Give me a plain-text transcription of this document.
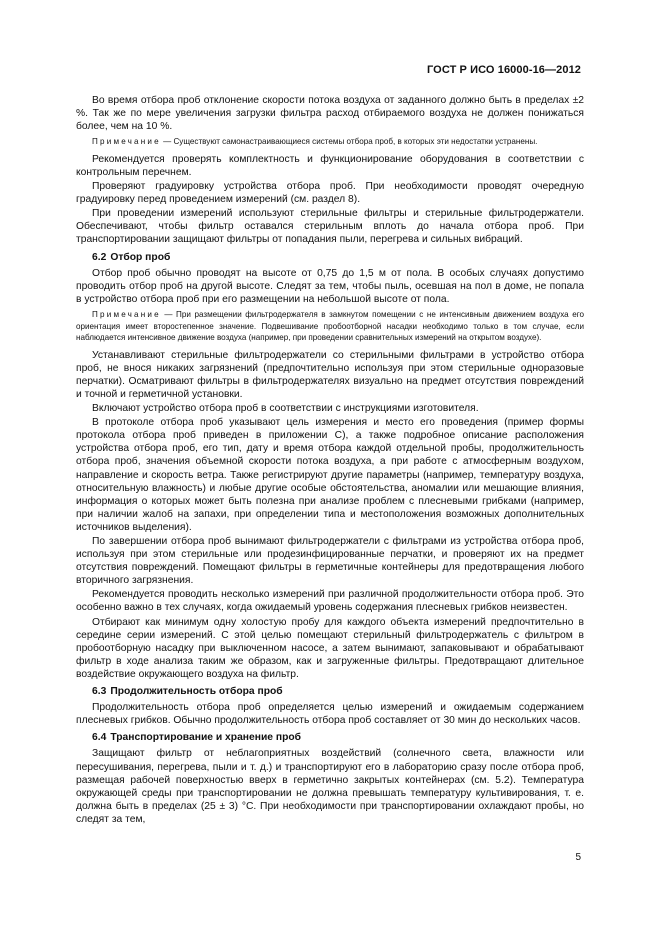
ГОСТ Р ИСО 16000-16—2012

Во время отбора проб отклонение скорости потока воздуха от заданного должно быть в пределах ±2 %. Так же по мере увеличения загрузки фильтра расход отбираемого воздуха не должен понижаться более, чем на 10 %.

Примечание — Существуют самонастраивающиеся системы отбора проб, в которых эти недостатки устранены.

Рекомендуется проверять комплектность и функционирование оборудования в соответствии с контрольным перечнем.

Проверяют градуировку устройства отбора проб. При необходимости проводят очередную градуировку перед проведением измерений (см. раздел 8).

При проведении измерений используют стерильные фильтры и стерильные фильтродержатели. Обеспечивают, чтобы фильтр оставался стерильным вплоть до начала отбора проб. При транспортировании защищают фильтры от попадания пыли, перегрева и сильных вибраций.

6.2 Отбор проб

Отбор проб обычно проводят на высоте от 0,75 до 1,5 м от пола. В особых случаях допустимо проводить отбор проб на другой высоте. Следят за тем, чтобы пыль, осевшая на пол в доме, не попала в устройство отбора проб при его размещении на небольшой высоте от пола.

Примечание — При размещении фильтродержателя в замкнутом помещении с не интенсивным движением воздуха его ориентация имеет второстепенное значение. Подвешивание пробоотборной насадки необходимо только в том случае, если наблюдается интенсивное движение воздуха (например, при проведении сравнительных измерений на открытом воздухе).

Устанавливают стерильные фильтродержатели со стерильными фильтрами в устройство отбора проб, не внося никаких загрязнений (предпочтительно используя при этом стерильные одноразовые перчатки). Осматривают фильтры в фильтродержателях визуально на предмет отсутствия повреждений и точной и герметичной установки.

Включают устройство отбора проб в соответствии с инструкциями изготовителя.

В протоколе отбора проб указывают цель измерения и место его проведения (пример формы протокола отбора проб приведен в приложении С), а также подробное описание расположения устройства отбора проб, его тип, дату и время отбора каждой отдельной пробы, продолжительность отбора проб, значения объемной скорости потока воздуха, а при работе с атмосферным воздухом, направление и скорость ветра. Также регистрируют другие параметры (например, температуру воздуха, относительную влажность) и любые другие особые обстоятельства, аномалии или мешающие влияния, информация о которых может быть полезна при анализе проблем с плесневыми грибками (например, при наличии жалоб на запахи, при определении типа и местоположения возможных дополнительных источников выделения).

По завершении отбора проб вынимают фильтродержатели с фильтрами из устройства отбора проб, используя при этом стерильные или продезинфицированные перчатки, и проверяют их на предмет отсутствия повреждений. Помещают фильтры в герметичные контейнеры для предотвращения любого вторичного загрязнения.

Рекомендуется проводить несколько измерений при различной продолжительности отбора проб. Это особенно важно в тех случаях, когда ожидаемый уровень содержания плесневых грибков неизвестен.

Отбирают как минимум одну холостую пробу для каждого объекта измерений предпочтительно в середине серии измерений. С этой целью помещают стерильный фильтродержатель с фильтром в пробоотборную насадку при выключенном насосе, а затем вынимают, запаковывают и обрабатывают фильтр в ходе анализа таким же образом, как и загруженные фильтры. Предотвращают длительное воздействие окружающего воздуха на фильтр.

6.3 Продолжительность отбора проб

Продолжительность отбора проб определяется целью измерений и ожидаемым содержанием плесневых грибков. Обычно продолжительность отбора проб составляет от 30 мин до нескольких часов.

6.4 Транспортирование и хранение проб

Защищают фильтр от неблагоприятных воздействий (солнечного света, влажности или пересушивания, перегрева, пыли и т. д.) и транспортируют его в лабораторию сразу после отбора проб, размещая рабочей поверхностью вверх в герметично закрытых контейнерах (см. 5.2). Температура окружающей среды при транспортировании не должна превышать температуру культивирования, т. е. должна быть в пределах (25 ± 3) °С. При необходимости при транспортировании охлаждают пробы, но следят за тем,

5
